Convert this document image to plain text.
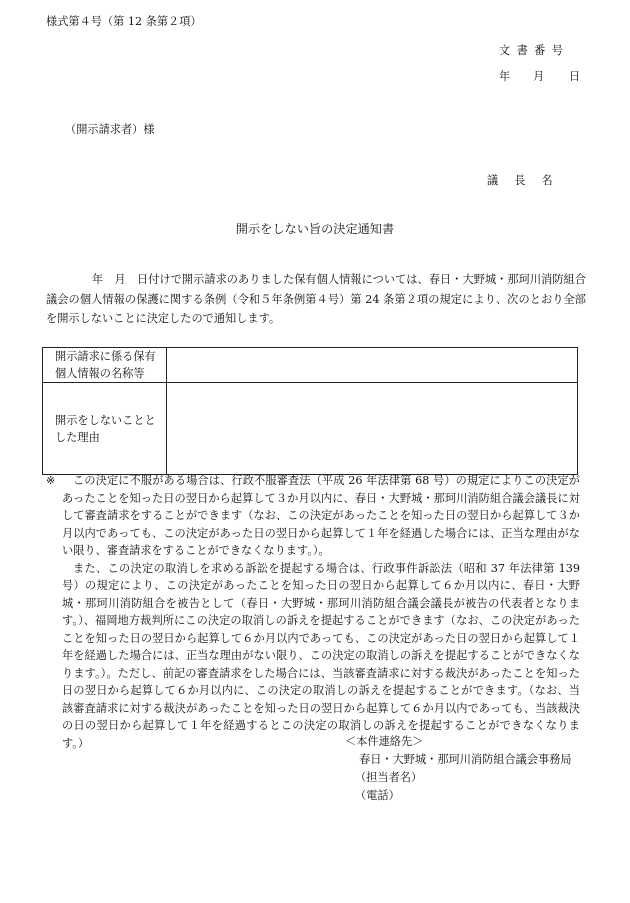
様式第４号（第 12 条第２項）
文書番号
年 月 日
（開示請求者）様
議長名
開示をしない旨の決定通知書
年　月　日付けで開示請求のありました保有個人情報については、春日・大野城・那珂川消防組合議会の個人情報の保護に関する条例（令和５年条例第４号）第 24 条第２項の規定により、次のとおり全部を開示しないことに決定したので通知します。
開示請求に係る保有個人情報の名称等	
開示をしないこととした理由	
※	この決定に不服がある場合は、行政不服審査法（平成 26 年法律第 68 号）の規定によりこの決定があったことを知った日の翌日から起算して３か月以内に、春日・大野城・那珂川消防組合議会議長に対して審査請求をすることができます（なお、この決定があったことを知った日の翌日から起算して３か月以内であっても、この決定があった日の翌日から起算して１年を経過した場合には、正当な理由がない限り、審査請求をすることができなくなります。）。

また、この決定の取消しを求める訴訟を提起する場合は、行政事件訴訟法（昭和 37 年法律第 139 号）の規定により、この決定があったことを知った日の翌日から起算して６か月以内に、春日・大野城・那珂川消防組合を被告として（春日・大野城・那珂川消防組合議会議長が被告の代表者となります。）、福岡地方裁判所にこの決定の取消しの訴えを提起することができます（なお、この決定があったことを知った日の翌日から起算して６か月以内であっても、この決定があった日の翌日から起算して１年を経過した場合には、正当な理由がない限り、この決定の取消しの訴えを提起することができなくなります。）。ただし、前記の審査請求をした場合には、当該審査請求に対する裁決があったことを知った日の翌日から起算して６か月以内に、この決定の取消しの訴えを提起することができます。（なお、当該審査請求に対する裁決があったことを知った日の翌日から起算して６か月以内であっても、当該裁決の日の翌日から起算して１年を経過するとこの決定の取消しの訴えを提起することができなくなります。）	＜本件連絡先＞
春日・大野城・那珂川消防組合議会事務局
（担当者名）
（電話）
